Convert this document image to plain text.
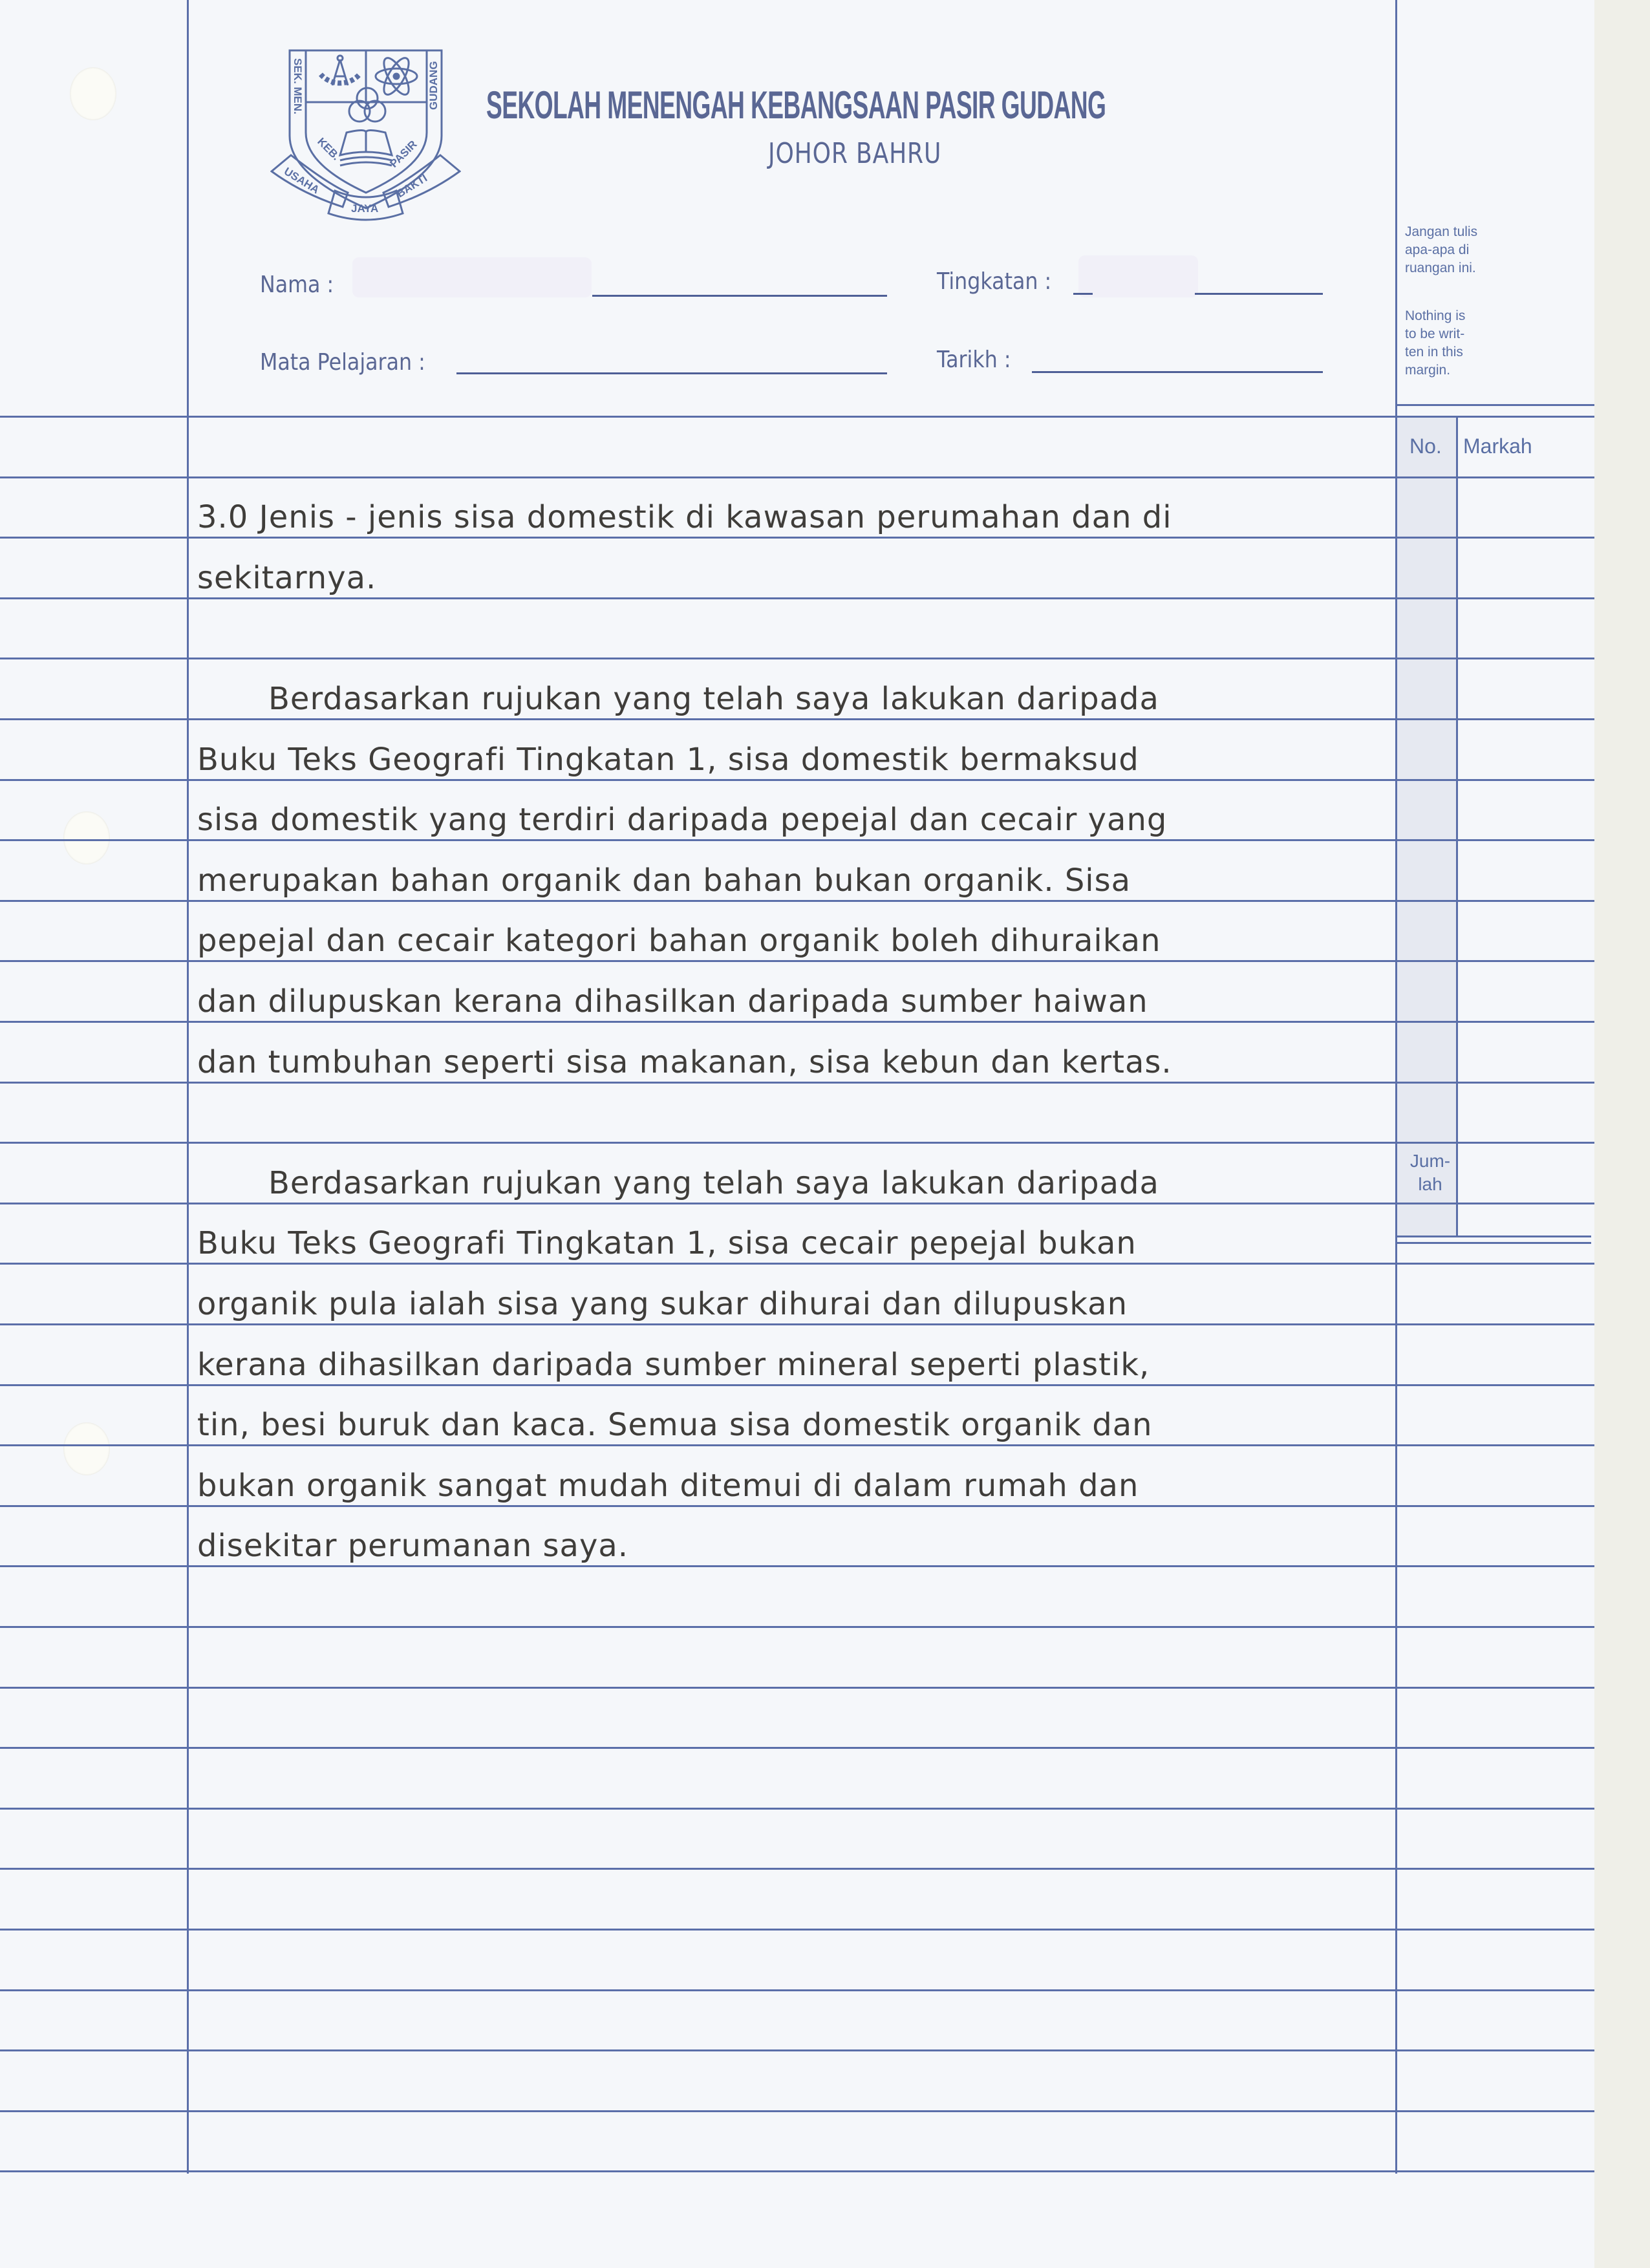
SEK. MEN.
KEB.
GUDANG
PASIR
USAHA
JAYA
BAKTI
SEKOLAH MENENGAH KEBANGSAAN PASIR GUDANG
JOHOR BAHRU
Nama :	Tingkatan :
Mata Pelajaran :	Tarikh :
Jangan tulis
apa-apa di
ruangan ini.
Nothing is
to be writ-
ten in this
margin.
No. Markah
Jum-
lah
3.0 Jenis - jenis sisa domestik di kawasan perumahan dan di
sekitarnya.
Berdasarkan rujukan yang telah saya lakukan daripada
Buku Teks Geografi Tingkatan 1, sisa domestik bermaksud
sisa domestik yang terdiri daripada pepejal dan cecair yang
merupakan bahan organik dan bahan bukan organik. Sisa
pepejal dan cecair kategori bahan organik boleh dihuraikan
dan dilupuskan kerana dihasilkan daripada sumber haiwan
dan tumbuhan seperti sisa makanan, sisa kebun dan kertas.
Berdasarkan rujukan yang telah saya lakukan daripada
Buku Teks Geografi Tingkatan 1, sisa cecair pepejal bukan
organik pula ialah sisa yang sukar dihurai dan dilupuskan
kerana dihasilkan daripada sumber mineral seperti plastik,
tin, besi buruk dan kaca. Semua sisa domestik organik dan
bukan organik sangat mudah ditemui di dalam rumah dan
disekitar perumanan saya.
